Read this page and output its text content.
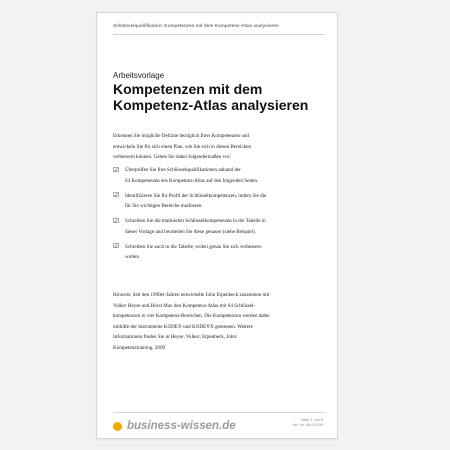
Schlüsselqualifikation: Kompetenzen mit dem Kompetenz-Atlas analysieren
Arbeitsvorlage
Kompetenzen mit dem
Kompetenz-Atlas analysieren
Erkennen Sie mögliche Defizite bezüglich Ihrer Kompetenzen und
entwickeln Sie für sich einen Plan, wie Sie sich in diesen Bereichen
verbessern können. Gehen Sie dabei folgendermaßen vor:
☑ Überprüfen Sie Ihre Schlüsselqualifikationen anhand der
64 Kompetenzen des Kompetenz-Atlas auf den folgenden Seiten.
☑ Identifizieren Sie Ihr Profil der Schlüsselkompetenzen, indem Sie die
für Sie wichtigen Bereiche markieren.
☑ Schreiben Sie die markierten Schlüsselkompetenzen in die Tabelle in
dieser Vorlage und beurteilen Sie diese genauer (siehe Beispiel).
☑ Schreiben Sie auch in die Tabelle, wobei genau Sie sich verbessern
wollen.
Hinweis: Seit den 1990er-Jahren entwickelte John Erpenbeck zusammen mit
Volker Heyse und Horst Max den Kompetenz-Atlas mit 64 Schlüssel-
kompetenzen in vier Kompetenz-Bereichen. Die Kompetenzen werden dabei
mithilfe der Instrumente KODE® und KODE®X gemessen. Weitere
Informationen finden Sie in Heyse, Volker; Erpenbeck, John:
Kompetenztraining, 2009
business-wissen.de	Seite 1 von 6
Art.-Nr. 06.003.04
